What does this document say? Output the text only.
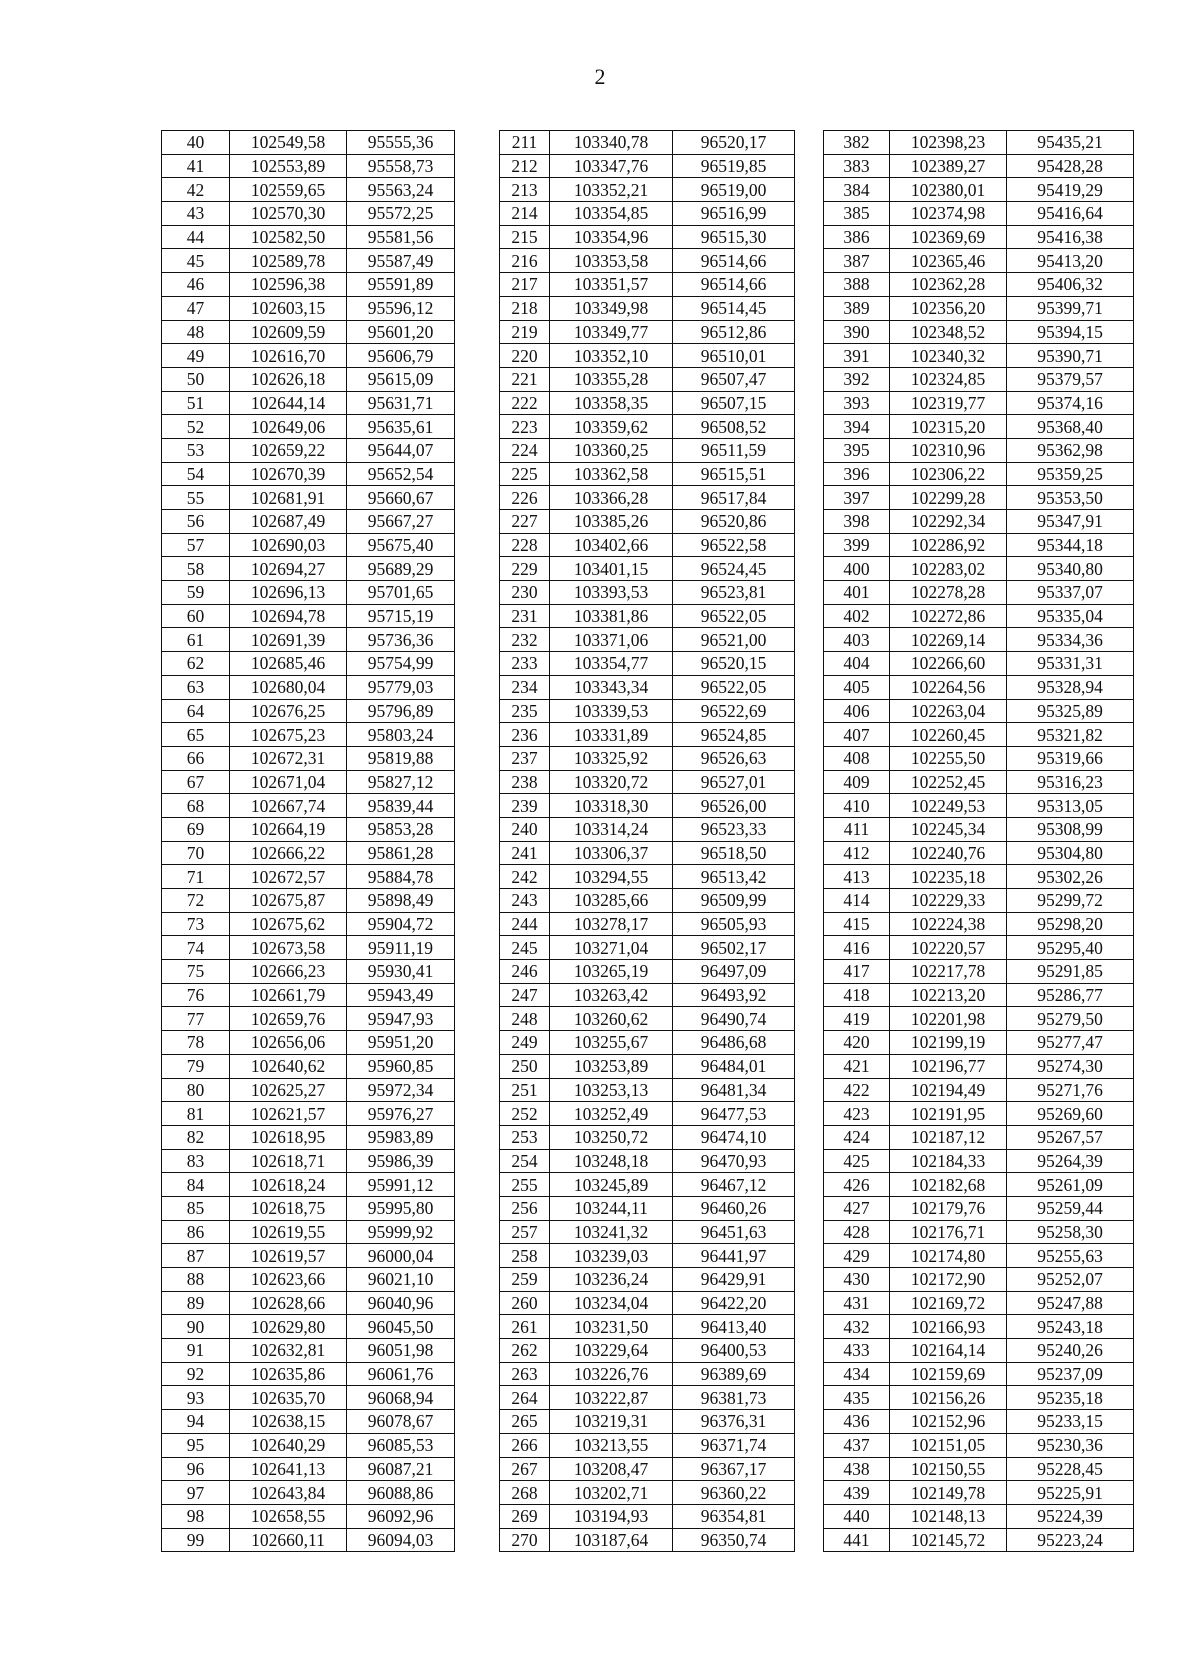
2
40	102549,58	95555,36		211	103340,78	96520,17		382	102398,23	95435,21
41	102553,89	95558,73		212	103347,76	96519,85		383	102389,27	95428,28
42	102559,65	95563,24		213	103352,21	96519,00		384	102380,01	95419,29
43	102570,30	95572,25		214	103354,85	96516,99		385	102374,98	95416,64
44	102582,50	95581,56		215	103354,96	96515,30		386	102369,69	95416,38
45	102589,78	95587,49		216	103353,58	96514,66		387	102365,46	95413,20
46	102596,38	95591,89		217	103351,57	96514,66		388	102362,28	95406,32
47	102603,15	95596,12		218	103349,98	96514,45		389	102356,20	95399,71
48	102609,59	95601,20		219	103349,77	96512,86		390	102348,52	95394,15
49	102616,70	95606,79		220	103352,10	96510,01		391	102340,32	95390,71
50	102626,18	95615,09		221	103355,28	96507,47		392	102324,85	95379,57
51	102644,14	95631,71		222	103358,35	96507,15		393	102319,77	95374,16
52	102649,06	95635,61		223	103359,62	96508,52		394	102315,20	95368,40
53	102659,22	95644,07		224	103360,25	96511,59		395	102310,96	95362,98
54	102670,39	95652,54		225	103362,58	96515,51		396	102306,22	95359,25
55	102681,91	95660,67		226	103366,28	96517,84		397	102299,28	95353,50
56	102687,49	95667,27		227	103385,26	96520,86		398	102292,34	95347,91
57	102690,03	95675,40		228	103402,66	96522,58		399	102286,92	95344,18
58	102694,27	95689,29		229	103401,15	96524,45		400	102283,02	95340,80
59	102696,13	95701,65		230	103393,53	96523,81		401	102278,28	95337,07
60	102694,78	95715,19		231	103381,86	96522,05		402	102272,86	95335,04
61	102691,39	95736,36		232	103371,06	96521,00		403	102269,14	95334,36
62	102685,46	95754,99		233	103354,77	96520,15		404	102266,60	95331,31
63	102680,04	95779,03		234	103343,34	96522,05		405	102264,56	95328,94
64	102676,25	95796,89		235	103339,53	96522,69		406	102263,04	95325,89
65	102675,23	95803,24		236	103331,89	96524,85		407	102260,45	95321,82
66	102672,31	95819,88		237	103325,92	96526,63		408	102255,50	95319,66
67	102671,04	95827,12		238	103320,72	96527,01		409	102252,45	95316,23
68	102667,74	95839,44		239	103318,30	96526,00		410	102249,53	95313,05
69	102664,19	95853,28		240	103314,24	96523,33		411	102245,34	95308,99
70	102666,22	95861,28		241	103306,37	96518,50		412	102240,76	95304,80
71	102672,57	95884,78		242	103294,55	96513,42		413	102235,18	95302,26
72	102675,87	95898,49		243	103285,66	96509,99		414	102229,33	95299,72
73	102675,62	95904,72		244	103278,17	96505,93		415	102224,38	95298,20
74	102673,58	95911,19		245	103271,04	96502,17		416	102220,57	95295,40
75	102666,23	95930,41		246	103265,19	96497,09		417	102217,78	95291,85
76	102661,79	95943,49		247	103263,42	96493,92		418	102213,20	95286,77
77	102659,76	95947,93		248	103260,62	96490,74		419	102201,98	95279,50
78	102656,06	95951,20		249	103255,67	96486,68		420	102199,19	95277,47
79	102640,62	95960,85		250	103253,89	96484,01		421	102196,77	95274,30
80	102625,27	95972,34		251	103253,13	96481,34		422	102194,49	95271,76
81	102621,57	95976,27		252	103252,49	96477,53		423	102191,95	95269,60
82	102618,95	95983,89		253	103250,72	96474,10		424	102187,12	95267,57
83	102618,71	95986,39		254	103248,18	96470,93		425	102184,33	95264,39
84	102618,24	95991,12		255	103245,89	96467,12		426	102182,68	95261,09
85	102618,75	95995,80		256	103244,11	96460,26		427	102179,76	95259,44
86	102619,55	95999,92		257	103241,32	96451,63		428	102176,71	95258,30
87	102619,57	96000,04		258	103239,03	96441,97		429	102174,80	95255,63
88	102623,66	96021,10		259	103236,24	96429,91		430	102172,90	95252,07
89	102628,66	96040,96		260	103234,04	96422,20		431	102169,72	95247,88
90	102629,80	96045,50		261	103231,50	96413,40		432	102166,93	95243,18
91	102632,81	96051,98		262	103229,64	96400,53		433	102164,14	95240,26
92	102635,86	96061,76		263	103226,76	96389,69		434	102159,69	95237,09
93	102635,70	96068,94		264	103222,87	96381,73		435	102156,26	95235,18
94	102638,15	96078,67		265	103219,31	96376,31		436	102152,96	95233,15
95	102640,29	96085,53		266	103213,55	96371,74		437	102151,05	95230,36
96	102641,13	96087,21		267	103208,47	96367,17		438	102150,55	95228,45
97	102643,84	96088,86		268	103202,71	96360,22		439	102149,78	95225,91
98	102658,55	96092,96		269	103194,93	96354,81		440	102148,13	95224,39
99	102660,11	96094,03		270	103187,64	96350,74		441	102145,72	95223,24
